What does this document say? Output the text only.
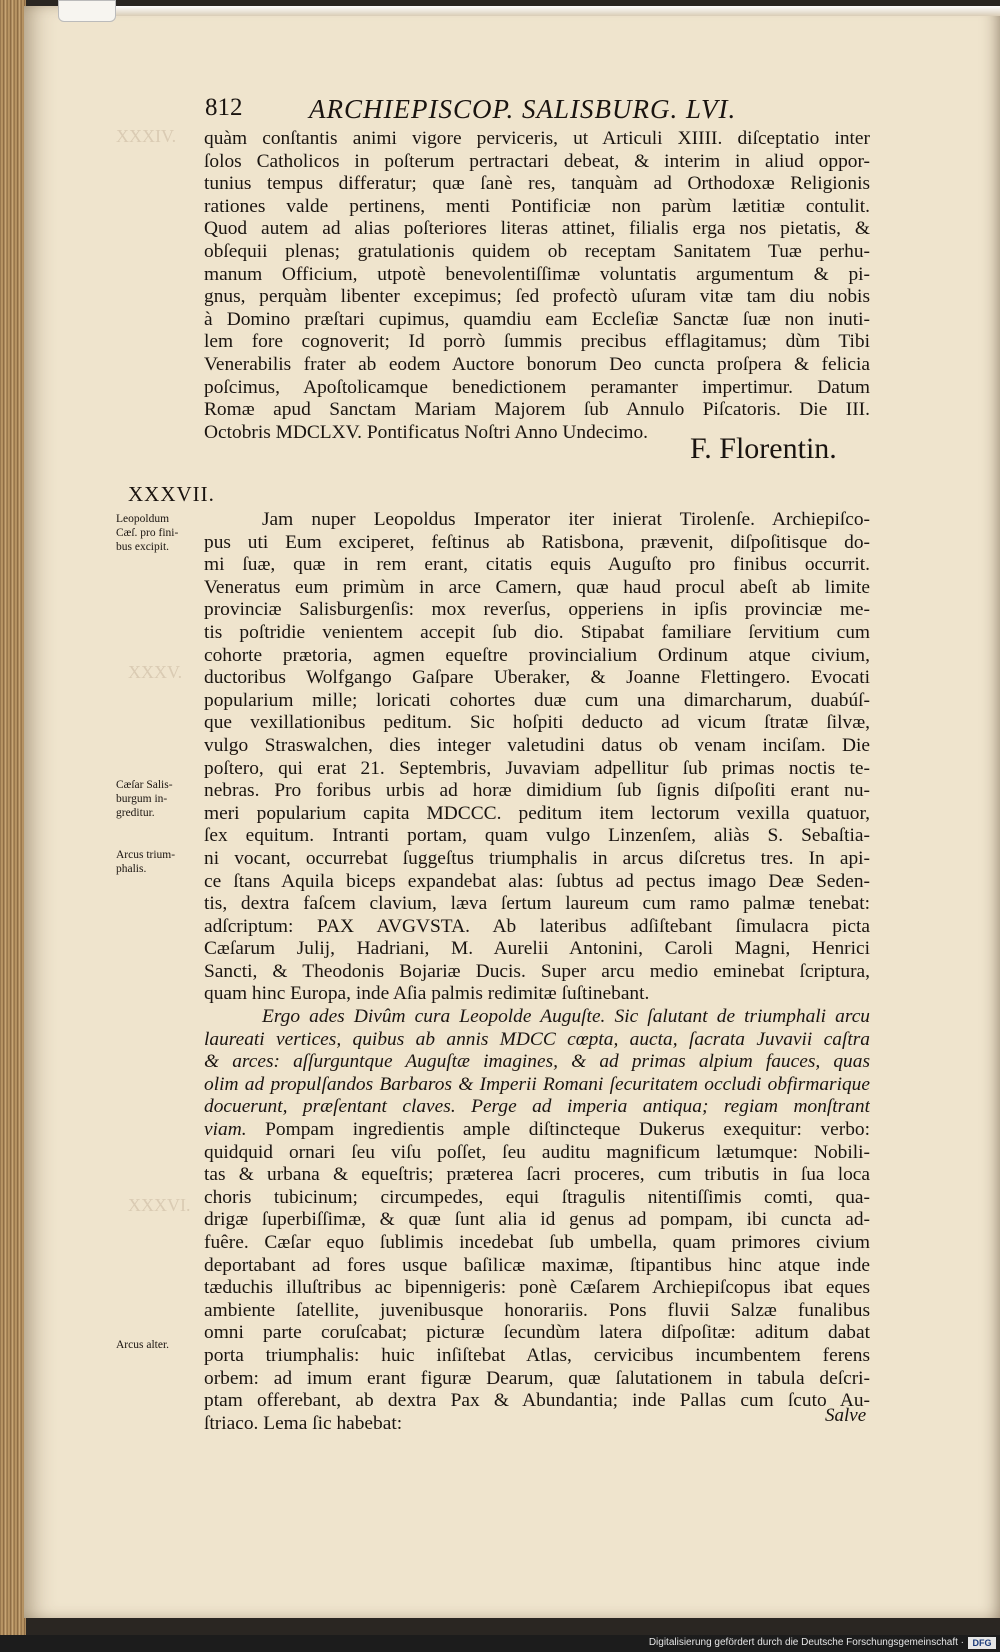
XXXIV.
XXXV.
XXXVI.
812 ARCHIEPISCOP. SALISBURG. LVI.
quàm conſtantis animi vigore perviceris, ut Articuli XIIII. diſceptatio inter
ſolos Catholicos in poſterum pertractari debeat, & interim in aliud oppor-
tunius tempus differatur; quæ ſanè res, tanquàm ad Orthodoxæ Religionis
rationes valde pertinens, menti Pontificiæ non parùm lætitiæ contulit.
Quod autem ad alias poſteriores literas attinet, filialis erga nos pietatis, &
obſequii plenas; gratulationis quidem ob receptam Sanitatem Tuæ perhu-
manum Officium, utpotè benevolentiſſimæ voluntatis argumentum & pi-
gnus, perquàm libenter excepimus; ſed profectò uſuram vitæ tam diu nobis
à Domino præſtari cupimus, quamdiu eam Eccleſiæ Sanctæ ſuæ non inuti-
lem fore cognoverit; Id porrò ſummis precibus efflagitamus; dùm Tibi
Venerabilis frater ab eodem Auctore bonorum Deo cuncta proſpera & felicia
poſcimus, Apoſtolicamque benedictionem peramanter impertimur. Datum
Romæ apud Sanctam Mariam Majorem ſub Annulo Piſcatoris. Die III.
Octobris MDCLXV. Pontificatus Noſtri Anno Undecimo.	F. Florentin.
XXXVII.
Leopoldum
Cæſ. pro fini-
bus excipit.
Cæſar Salis-
burgum in-
greditur.
Arcus trium-
phalis.
Arcus alter.
Jam nuper Leopoldus Imperator iter inierat Tirolenſe. Archiepiſco-
pus uti Eum exciperet, feſtinus ab Ratisbona, prævenit, diſpoſitisque do-
mi ſuæ, quæ in rem erant, citatis equis Auguſto pro finibus occurrit.
Veneratus eum primùm in arce Camern, quæ haud procul abeſt ab limite
provinciæ Salisburgenſis: mox reverſus, opperiens in ipſis provinciæ me-
tis poſtridie venientem accepit ſub dio. Stipabat familiare ſervitium cum
cohorte prætoria, agmen equeſtre provincialium Ordinum atque civium,
ductoribus Wolfgango Gaſpare Uberaker, & Joanne Flettingero. Evocati
popularium mille; loricati cohortes duæ cum una dimarcharum, duabúſ-
que vexillationibus peditum. Sic hoſpiti deducto ad vicum ſtratæ ſilvæ,
vulgo Straswalchen, dies integer valetudini datus ob venam inciſam. Die
poſtero, qui erat 21. Septembris, Juvaviam adpellitur ſub primas noctis te-
nebras. Pro foribus urbis ad horæ dimidium ſub ſignis diſpoſiti erant nu-
meri popularium capita MDCCC. peditum item lectorum vexilla quatuor,
ſex equitum. Intranti portam, quam vulgo Linzenſem, aliàs S. Sebaſtia-
ni vocant, occurrebat ſuggeſtus triumphalis in arcus diſcretus tres. In api-
ce ſtans Aquila biceps expandebat alas: ſubtus ad pectus imago Deæ Seden-
tis, dextra faſcem clavium, læva ſertum laureum cum ramo palmæ tenebat:
adſcriptum: PAX AVGVSTA. Ab lateribus adſiſtebant ſimulacra picta
Cæſarum Julij, Hadriani, M. Aurelii Antonini, Caroli Magni, Henrici
Sancti, & Theodonis Bojariæ Ducis. Super arcu medio eminebat ſcriptura,
quam hinc Europa, inde Aſia palmis redimitæ ſuſtinebant.
Ergo ades Divûm cura Leopolde Auguſte. Sic ſalutant de triumphali arcu
laureati vertices, quibus ab annis MDCC cœpta, aucta, ſacrata Juvavii caſtra
& arces: aſſurguntque Auguſtæ imagines, & ad primas alpium fauces, quas
olim ad propulſandos Barbaros & Imperii Romani ſecuritatem occludi obfirmarique
docuerunt, præſentant claves. Perge ad imperia antiqua; regiam monſtrant
viam. Pompam ingredientis ample diſtincteque Dukerus exequitur: verbo:
quidquid ornari ſeu viſu poſſet, ſeu auditu magnificum lætumque: Nobili-
tas & urbana & equeſtris; præterea ſacri proceres, cum tributis in ſua loca
choris tubicinum; circumpedes, equi ſtragulis nitentiſſimis comti, qua-
drigæ ſuperbiſſimæ, & quæ ſunt alia id genus ad pompam, ibi cuncta ad-
fuêre. Cæſar equo ſublimis incedebat ſub umbella, quam primores civium
deportabant ad fores usque baſilicæ maximæ, ſtipantibus hinc atque inde
tæduchis illuſtribus ac bipennigeris: ponè Cæſarem Archiepiſcopus ibat eques
ambiente ſatellite, juvenibusque honorariis. Pons fluvii Salzæ funalibus
omni parte coruſcabat; picturæ ſecundùm latera diſpoſitæ: aditum dabat
porta triumphalis: huic inſiſtebat Atlas, cervicibus incumbentem ferens
orbem: ad imum erant figuræ Dearum, quæ ſalutationem in tabula deſcri-
ptam offerebant, ab dextra Pax & Abundantia; inde Pallas cum ſcuto Au-
ſtriaco. Lema ſic habebat:	Salve
Digitalisierung gefördert durch die Deutsche Forschungsgemeinschaft · DFG
